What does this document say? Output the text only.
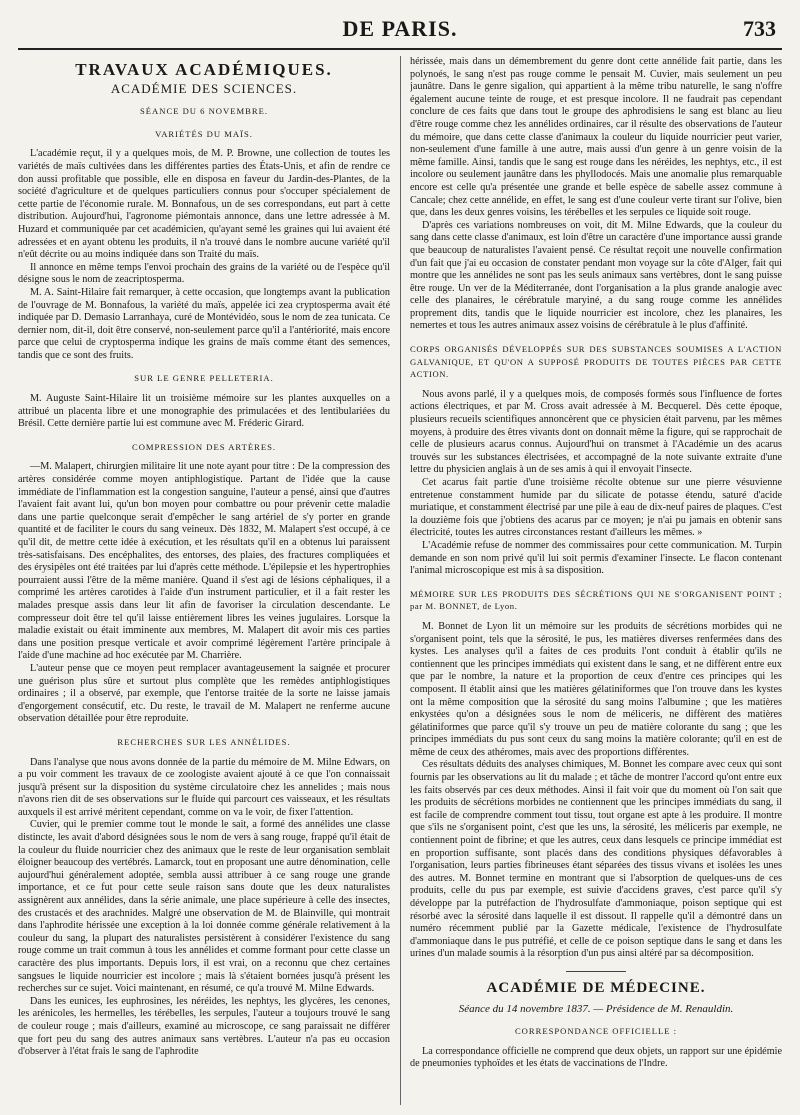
DE PARIS.	733
TRAVAUX ACADÉMIQUES.
ACADÉMIE DES SCIENCES.
SÉANCE DU 6 NOVEMBRE.
VARIÉTÉS DU MAÏS.

L'académie reçut, il y a quelques mois, de M. P. Browne, une collection de toutes les variétés de maïs cultivées dans les différentes parties des États-Unis, et afin de rendre ce don aussi profitable que possible, elle en disposa en faveur du Jardin-des-Plantes, de la société d'agriculture et de quelques particuliers connus pour s'occuper spécialement de cette partie de l'économie rurale. M. Bonnafous, un de ses correspondans, eut part à cette distribution. Aujourd'hui, l'agronome piémontais annonce, dans une lettre adressée à M. Huzard et communiquée par cet académicien, qu'ayant semé les graines qui lui avaient été adressées et en ayant obtenu les produits, il n'a trouvé dans le nombre aucune variété qu'il n'eût décrite ou au moins indiquée dans son Traité du maïs.

Il annonce en même temps l'envoi prochain des grains de la variété ou de l'espèce qu'il désigne sous le nom de zeacriptosperma.

M. A. Saint-Hilaire fait remarquer, à cette occasion, que longtemps avant la publication de l'ouvrage de M. Bonnafous, la variété du maïs, appelée ici zea cryptosperma avait été indiquée par D. Demasio Larranhaya, curé de Montévidéo, sous le nom de zea tunicata. Ce dernier nom, dit-il, doit être conservé, non-seulement parce qu'il a l'antériorité, mais encore parce que celui de cryptosperma indique les grains de maïs comme étant des semences, tandis que ce sont des fruits.

SUR LE GENRE PELLETERIA.

M. Auguste Saint-Hilaire lit un troisième mémoire sur les plantes auxquelles on a attribué un placenta libre et une monographie des primulacées et des lentibulariées du Brésil. Cette dernière partie lui est commune avec M. Fréderic Girard.

COMPRESSION DES ARTÈRES.

—M. Malapert, chirurgien militaire lit une note ayant pour titre : De la compression des artères considérée comme moyen antiphlogistique. Partant de l'idée que la cause immédiate de l'inflammation est la congestion sanguine, l'auteur a pensé, ainsi que d'autres l'avaient fait avant lui, qu'un bon moyen pour combattre ou pour prévenir cette maladie dans une partie quelconque serait d'empêcher le sang artériel de s'y porter en grande quantité et de faciliter le cours du sang veineux. Dès 1832, M. Malapert s'est occupé, à ce qu'il dit, de mettre cette idée à exécution, et les résultats qu'il en a obtenus lui paraissent très-satisfaisans. Des encéphalites, des entorses, des plaies, des fractures compliquées et des érysipèles ont été traitées par lui d'après cette méthode. L'épilepsie et les hypertrophies pourraient aussi l'être de la même manière. Quand il s'est agi de lésions céphaliques, il a comprimé les artères carotides à l'aide d'un instrument particulier, et il a fait rester les malades presque assis dans leur lit afin de favoriser la circulation descendante. Le compresseur doit être tel qu'il laisse entièrement libres les veines jugulaires. Lorsque la maladie existait ou était imminente aux membres, M. Malapert dit avoir mis ces parties dans une position presque verticale et avoir comprimé légèrement l'artère principale à l'aide d'une machine ad hoc exécutée par M. Charrière.

L'auteur pense que ce moyen peut remplacer avantageusement la saignée et procurer une guérison plus sûre et surtout plus complète que les remèdes antiphlogistiques ordinaires ; il a observé, par exemple, que l'entorse traitée de la sorte ne laisse jamais d'engorgement consécutif, etc. Du reste, le travail de M. Malapert ne renferme aucune observation détaillée pour être reproduite.

RECHERCHES SUR LES ANNÉLIDES.

Dans l'analyse que nous avons donnée de la partie du mémoire de M. Milne Edwars, on a pu voir comment les travaux de ce zoologiste avaient ajouté à ce que l'on connaissait jusqu'à présent sur la disposition du système circulatoire chez les annelides ; mais nous n'avons rien dit de ses observations sur le fluide qui parcourt ces vaisseaux, et les résultats auxquels il est arrivé méritent cependant, comme on va le voir, de fixer l'attention.

Cuvier, qui le premier comme tout le monde le sait, a formé des annélides une classe distincte, les avait d'abord désignées sous le nom de vers à sang rouge, frappé qu'il était de la couleur du fluide nourricier chez des animaux que le reste de leur organisation semblait éloigner beaucoup des vertébrés. Lamarck, tout en proposant une autre dénomination, celle aujourd'hui généralement adoptée, sembla aussi attribuer à ce sang rouge une grande importance, et ce fut pour cette seule raison sans doute que les deux naturalistes assignèrent aux annélides, dans la série animale, une place supérieure à celle des insectes, des crustacés et des arachnides. Malgré une observation de M. de Blainville, qui montrait dans l'aphrodite hérissée une exception à la loi donnée comme générale relativement à la couleur du sang, la plupart des naturalistes persistèrent à considérer l'existence du sang rouge comme un trait commun à tous les annélides et comme formant pour cette classe un caractère des plus importants. Depuis lors, il est vrai, on a reconnu que chez certaines sangsues le liquide nourricier est incolore ; mais là s'étaient bornées jusqu'à présent les recherches sur ce sujet. Voici maintenant, en résumé, ce qu'a trouvé M. Milne Edwards.

Dans les eunices, les euphrosines, les néréides, les nephtys, les glycères, les cenones, les arénicoles, les hermelles, les térébelles, les serpules, l'auteur a toujours trouvé le sang de couleur rouge ; mais d'ailleurs, examiné au microscope, ce sang paraissait ne différer que fort peu du sang des autres animaux sans vertèbres. L'auteur n'a pas eu occasion d'observer à l'état frais le sang de l'aphrodite

hérissée, mais dans un démembrement du genre dont cette annélide fait partie, dans les polynoés, le sang n'est pas rouge comme le pensait M. Cuvier, mais seulement un peu jaunâtre. Dans le genre sigalion, qui appartient à la même tribu naturelle, le sang n'offre également aucune teinte de rouge, et est presque incolore. Il ne faudrait pas cependant conclure de ces faits que dans tout le groupe des aphrodisiens le sang est blanc au lieu d'être rouge comme chez les annélides ordinaires, car il résulte des observations de l'auteur du mémoire, que dans cette classe d'animaux la couleur du liquide nourricier peut varier, non-seulement d'une famille à une autre, mais aussi d'un genre à un genre voisin de la même famille. Ainsi, tandis que le sang est rouge dans les néréides, les nephtys, etc., il est incolore ou seulement jaunâtre dans les phyllodocés. Mais une anomalie plus remarquable encore est celle qu'a présentée une grande et belle espèce de sabelle assez commune à Cancale; chez cette annélide, en effet, le sang est d'une couleur verte tirant sur l'olive, bien que, dans les deux genres voisins, les térébelles et les serpules ce liquide soit rouge.

D'après ces variations nombreuses on voit, dit M. Milne Edwards, que la couleur du sang dans cette classe d'animaux, est loin d'être un caractère d'une importance aussi grande que beaucoup de naturalistes l'avaient pensé. Ce résultat reçoit une nouvelle confirmation d'un fait que j'ai eu occasion de constater pendant mon voyage sur la côte d'Alger, fait qui montre que les annélides ne sont pas les seuls animaux sans vertèbres, dont le sang puisse être rouge. Un ver de la Méditerranée, dont l'organisation a la plus grande analogie avec celle des planaires, le cérébratule maryiné, a du sang rouge comme les annélides proprement dits, tandis que le liquide nourricier est incolore, chez les planaires, les nemertes et tous les autres animaux assez voisins de cérébratule à le plus d'affinité.

CORPS ORGANISÉS DÉVELOPPÉS SUR DES SUBSTANCES SOUMISES A L'ACTION GALVANIQUE, ET QU'ON A SUPPOSÉ PRODUITS DE TOUTES PIÈCES PAR CETTE ACTION.

Nous avons parlé, il y a quelques mois, de composés formés sous l'influence de fortes actions électriques, et par M. Cross avait adressée à M. Becquerel. Dès cette époque, plusieurs recueils scientifiques annoncèrent que ce physicien était parvenu, par les mêmes moyens, à produire des êtres vivants dont on donnait même la figure, qui se rapprochait de celle de plusieurs acarus connus. Aujourd'hui on transmet à l'Académie un des acarus trouvés sur les substances électrisées, et accompagné de la note suivante extraite d'une lettre du physicien anglais à un de ses amis à qui il envoyait l'insecte.

Cet acarus fait partie d'une troisième récolte obtenue sur une pierre vésuvienne entretenue constamment humide par du silicate de potasse étendu, saturé d'acide muriatique, et constamment électrisé par une pile à eau de dix-neuf paires de plaques. C'est la douzième fois que j'obtiens des acarus par ce moyen; je n'ai pu jamais en obtenir sans électricité, toutes les autres circonstances restant d'ailleurs les mêmes. »

L'Académie refuse de nommer des commissaires pour cette communication. M. Turpin demande en son nom privé qu'il lui soit permis d'examiner l'insecte. Le flacon contenant l'animal microscopique est mis à sa disposition.

MÉMOIRE SUR LES PRODUITS DES SÉCRÉTIONS QUI NE S'ORGANISENT POINT ; par M. BONNET, de Lyon.

M. Bonnet de Lyon lit un mémoire sur les produits de sécrétions morbides qui ne s'organisent point, tels que la sérosité, le pus, les matières diverses renfermées dans des kystes. Les analyses qu'il a faites de ces produits l'ont conduit à établir qu'ils ne contiennent que les principes immédiats qui existent dans le sang, et ne diffèrent entre eux que par le nombre, la nature et la proportion de ceux d'entre ces principes qui les composent. Il établit ainsi que les matières gélatiniformes que l'on trouve dans les kystes ont la même composition que la sérosité du sang moins l'albumine ; que les matières enkystées qu'on a désignées sous le nom de méliceris, ne diffèrent des matières gélatiniformes que parce qu'il s'y trouve un peu de matière colorante du sang ; que les principes immédiats du pus sont ceux du sang moins la matière colorante; qu'il en est de même de ceux des athéromes, mais avec des proportions différentes.

Ces résultats déduits des analyses chimiques, M. Bonnet les compare avec ceux qui sont fournis par les observations au lit du malade ; et tâche de montrer l'accord qu'ont entre eux les faits observés par ces deux méthodes. Ainsi il fait voir que du moment où l'on sait que les produits de sécrétions morbides ne contiennent que les principes immédiats du sang, il est facile de comprendre comment tout tissu, tout organe est apte à les produire. Il montre que s'ils ne s'organisent point, c'est que les uns, la sérosité, les méliceris par exemple, ne contiennent point de fibrine; et que les autres, ceux dans lesquels ce principe immédiat est en proportion suffisante, sont placés dans des conditions physiques défavorables à l'organisation, leurs parties fibrineuses étant séparées des tissus vivans et isolées les unes des autres. M. Bonnet termine en montrant que si l'absorption de quelques-uns de ces produits, celle du pus par exemple, est suivie d'accidens graves, c'est parce qu'il s'y développe par la putréfaction de l'hydrosulfate d'ammoniaque, poison septique qui est résorbé avec la sérosité dans laquelle il est dissout. Il rappelle qu'il a démontré dans un numéro récemment publié par la Gazette médicale, l'existence de l'hydrosulfate d'ammoniaque dans le pus putréfié, et celle de ce poison septique dans le sang et dans les urines d'un malade soumis à la résorption d'un pus ainsi altéré par sa décomposition.

ACADÉMIE DE MÉDECINE.
Séance du 14 novembre 1837. — Présidence de M. Renauldin.
CORRESPONDANCE OFFICIELLE :

La correspondance officielle ne comprend que deux objets, un rapport sur une épidémie de pneumonies typhoïdes et les états de vaccinations de l'Indre.
